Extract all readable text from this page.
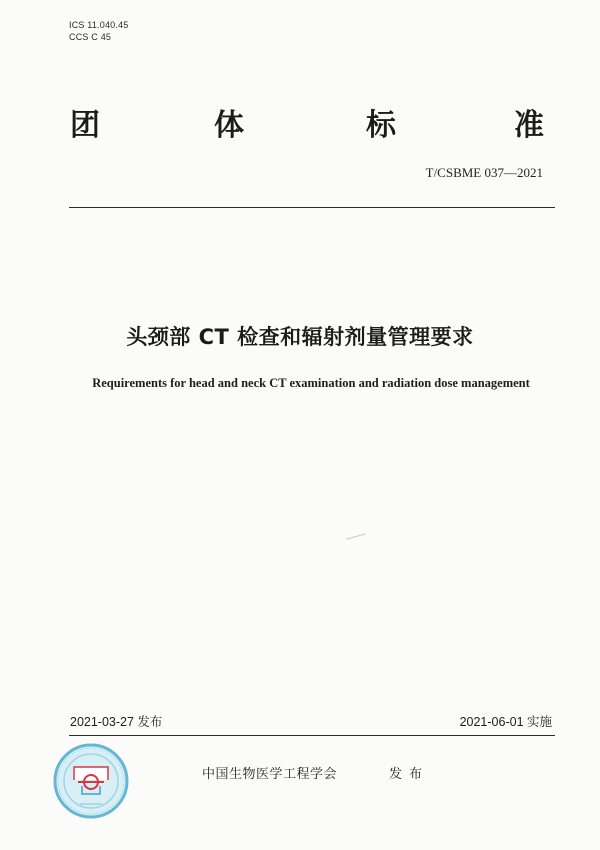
ICS 11.040.45
CCS C 45
团	体	标	准
T/CSBME 037—2021
头颈部 CT 检查和辐射剂量管理要求
Requirements for head and neck CT examination and radiation dose management
2021-03-27 发布	2021-06-01 实施
中国生物医学工程学会	发布
